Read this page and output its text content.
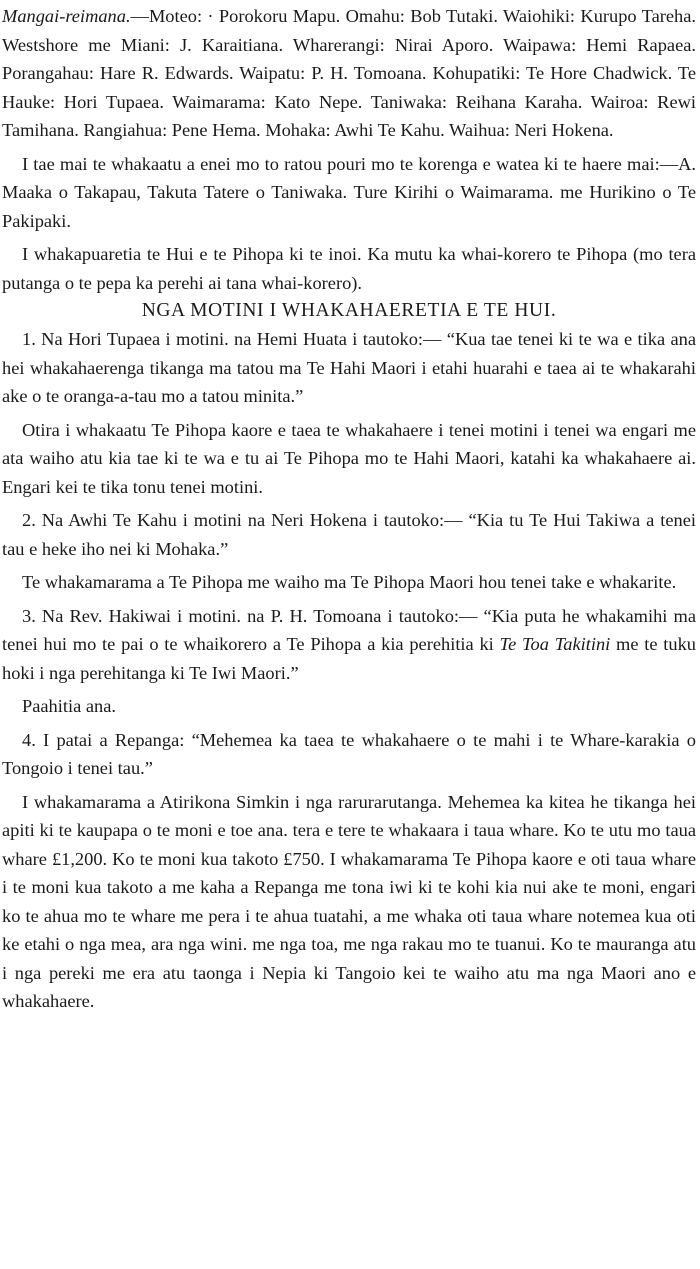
Mangai-reimana.—Moteo: · Porokoru Mapu. Omahu: Bob Tutaki. Waiohiki: Kurupo Tareha. Westshore me Miani: J. Karaitiana. Wharerangi: Nirai Aporo. Waipawa: Hemi Rapaea. Porangahau: Hare R. Edwards. Waipatu: P. H. Tomoana. Kohupatiki: Te Hore Chadwick. Te Hauke: Hori Tupaea. Waimarama: Kato Nepe. Taniwaka: Reihana Karaha. Wairoa: Rewi Tamihana. Rangiahua: Pene Hema. Mohaka: Awhi Te Kahu. Waihua: Neri Hokena.

I tae mai te whakaatu a enei mo to ratou pouri mo te korenga e watea ki te haere mai:—A. Maaka o Takapau, Takuta Tatere o Taniwaka. Ture Kirihi o Waimarama. me Hurikino o Te Pakipaki.

I whakapuaretia te Hui e te Pihopa ki te inoi. Ka mutu ka whai-korero te Pihopa (mo tera putanga o te pepa ka perehi ai tana whai-korero).

NGA MOTINI I WHAKAHAERETIA E TE HUI.

1. Na Hori Tupaea i motini. na Hemi Huata i tautoko:— “Kua tae tenei ki te wa e tika ana hei whakahaerenga tikanga ma tatou ma Te Hahi Maori i etahi huarahi e taea ai te whakarahi ake o te oranga-a-tau mo a tatou minita.”

Otira i whakaatu Te Pihopa kaore e taea te whakahaere i tenei motini i tenei wa engari me ata waiho atu kia tae ki te wa e tu ai Te Pihopa mo te Hahi Maori, katahi ka whakahaere ai. Engari kei te tika tonu tenei motini.

2. Na Awhi Te Kahu i motini na Neri Hokena i tautoko:— “Kia tu Te Hui Takiwa a tenei tau e heke iho nei ki Mohaka.”

Te whakamarama a Te Pihopa me waiho ma Te Pihopa Maori hou tenei take e whakarite.

3. Na Rev. Hakiwai i motini. na P. H. Tomoana i tautoko:— “Kia puta he whakamihi ma tenei hui mo te pai o te whaikorero a Te Pihopa a kia perehitia ki Te Toa Takitini me te tuku hoki i nga perehitanga ki Te Iwi Maori.”

Paahitia ana.

4. I patai a Repanga: “Mehemea ka taea te whakahaere o te mahi i te Whare-karakia o Tongoio i tenei tau.”

I whakamarama a Atirikona Simkin i nga rarurarutanga. Mehemea ka kitea he tikanga hei apiti ki te kaupapa o te moni e toe ana. tera e tere te whakaara i taua whare. Ko te utu mo taua whare £1,200. Ko te moni kua takoto £750. I whakamarama Te Pihopa kaore e oti taua whare i te moni kua takoto a me kaha a Repanga me tona iwi ki te kohi kia nui ake te moni, engari ko te ahua mo te whare me pera i te ahua tuatahi, a me whaka oti taua whare notemea kua oti ke etahi o nga mea, ara nga wini. me nga toa, me nga rakau mo te tuanui. Ko te mauranga atu i nga pereki me era atu taonga i Nepia ki Tangoio kei te waiho atu ma nga Maori ano e whakahaere.
